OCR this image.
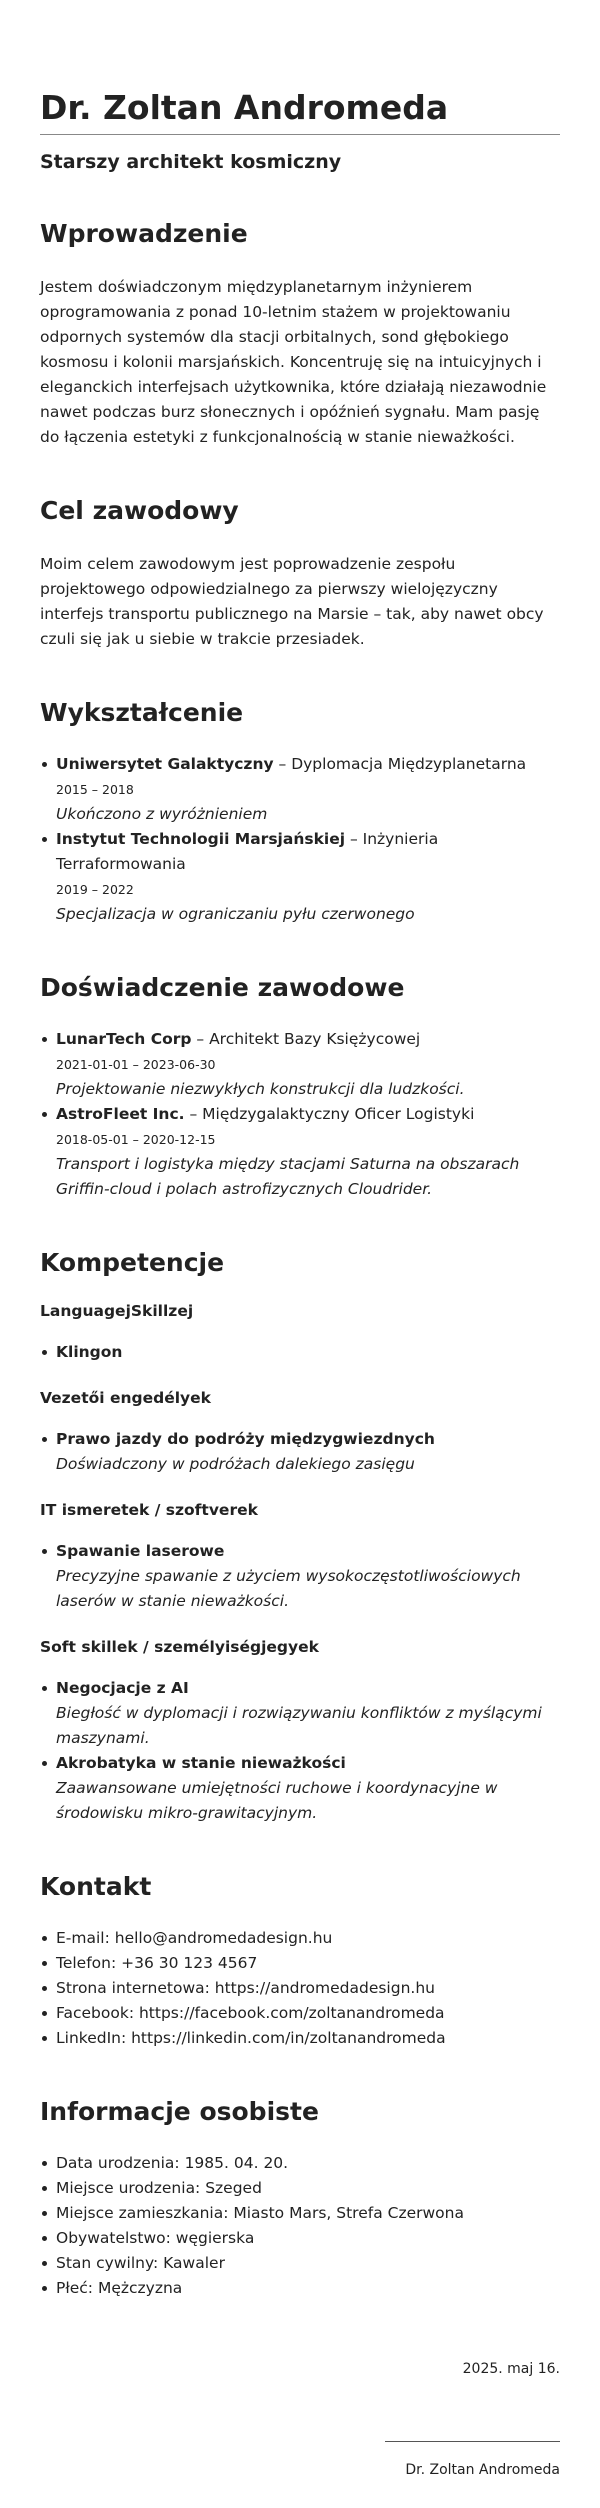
Dr. Zoltan Andromeda
Starszy architekt kosmiczny
Wprowadzenie

Jestem doświadczonym międzyplanetarnym inżynierem oprogramowania z ponad 10-letnim stażem w projektowaniu odpornych systemów dla stacji orbitalnych, sond głębokiego kosmosu i kolonii marsjańskich. Koncentruję się na intuicyjnych i eleganckich interfejsach użytkownika, które działają niezawodnie nawet podczas burz słonecznych i opóźnień sygnału. Mam pasję do łączenia estetyki z funkcjonalnością w stanie nieważkości.

Cel zawodowy

Moim celem zawodowym jest poprowadzenie zespołu projektowego odpowiedzialnego za pierwszy wielojęzyczny interfejs transportu publicznego na Marsie – tak, aby nawet obcy czuli się jak u siebie w trakcie przesiadek.

Wykształcenie
Uniwersytet Galaktyczny – Dyplomacja Międzyplanetarna
2015 – 2018
Ukończono z wyróżnieniem
Instytut Technologii Marsjańskiej – Inżynieria Terraformowania
2019 – 2022
Specjalizacja w ograniczaniu pyłu czerwonego
Doświadczenie zawodowe
LunarTech Corp – Architekt Bazy Księżycowej
2021-01-01 – 2023-06-30
Projektowanie niezwykłych konstrukcji dla ludzkości.
AstroFleet Inc. – Międzygalaktyczny Oficer Logistyki
2018-05-01 – 2020-12-15
Transport i logistyka między stacjami Saturna na obszarach Griffin-cloud i polach astrofizycznych Cloudrider.
Kompetencje
LanguagejSkillzej
Klingon
Vezetői engedélyek
Prawo jazdy do podróży międzygwiezdnych
Doświadczony w podróżach dalekiego zasięgu
IT ismeretek / szoftverek
Spawanie laserowe
Precyzyjne spawanie z użyciem wysokoczęstotliwościowych laserów w stanie nieważkości.
Soft skillek / személyiségjegyek
Negocjacje z AI
Biegłość w dyplomacji i rozwiązywaniu konfliktów z myślącymi maszynami.
Akrobatyka w stanie nieważkości
Zaawansowane umiejętności ruchowe i koordynacyjne w środowisku mikro-grawitacyjnym.
Kontakt
E-mail: hello@andromedadesign.hu
Telefon: +36 30 123 4567
Strona internetowa: https://andromedadesign.hu
Facebook: https://facebook.com/zoltanandromeda
LinkedIn: https://linkedin.com/in/zoltanandromeda
Informacje osobiste
Data urodzenia: 1985. 04. 20.
Miejsce urodzenia: Szeged
Miejsce zamieszkania: Miasto Mars, Strefa Czerwona
Obywatelstwo: węgierska
Stan cywilny: Kawaler
Płeć: Mężczyzna
2025. maj 16.
Dr. Zoltan Andromeda
